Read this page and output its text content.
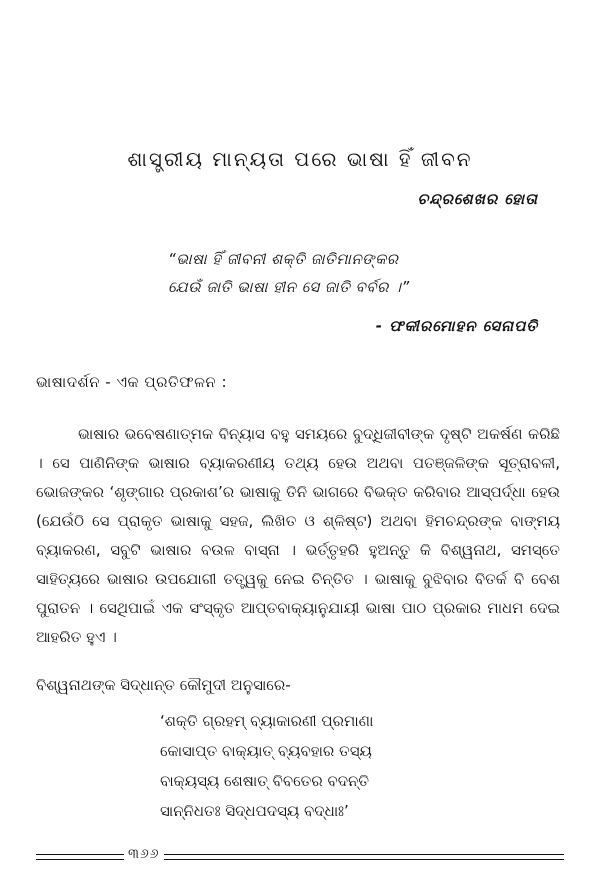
ଶାସ୍ତ୍ରୀୟ ମାନ୍ୟତା ପରେ ଭାଷା ହିଁ ଜୀବନ
ଚନ୍ଦ୍ରଶେଖର ହୋତା
“ଭାଷା ହିଁ ଜୀବନୀ ଶକ୍ତି ଜାତିମାନଙ୍କର
ଯେଉଁ ଜାତି ଭାଷା ହୀନ ସେ ଜାତି ବର୍ବର ।”
- ଫକୀରମୋହନ ସେନାପତି
ଭାଷାଦର୍ଶନ - ଏକ ପ୍ରତିଫଳନ :

ଭାଷାର ଭବେଷଣାତ୍ମକ ବିନ୍ୟାସ ବହୁ ସମୟରେ ବୁଦ୍ଧିଜୀବୀଙ୍କ ଦୃଷ୍ଟି ଅକର୍ଷଣ କରିଛି । ସେ ପାଣିନିଙ୍କ ଭାଷାର ବ୍ୟାକରଣୀୟ ତଥ୍ୟ ହେଉ ଅଥବା ପତଞ୍ଜଳିଙ୍କ ସୂତ୍ରାବଳୀ, ଭୋଜଙ୍କର ‘ଶୃଙ୍ଗାର ପ୍ରକାଶ’ର ଭାଷାକୁ ତିନି ଭାଗରେ ବିଭକ୍ତ କରିବାର ଆସ୍ପର୍ଦ୍ଧା ହେଉ (ଯେଉଁଠି ସେ ପ୍ରାକୃତ ଭାଷାକୁ ସହଜ, ଲିଖିତ ଓ ଶ୍ଳିଷ୍ଟ) ଅଥବା ହିମଚନ୍ଦ୍ରଙ୍କ ବାଙ୍ମୟ ବ୍ୟାକରଣ, ସବୁଟି ଭାଷାର ବଉଳ ବାସ୍ନା । ଭର୍ତ୍ତୃହରି ହୁଅନ୍ତୁ କି ବିଶ୍ୱନାଥ, ସମସ୍ତେ ସାହିତ୍ୟରେ ଭାଷାର ଉପଯୋଗୀ ତତ୍ତ୍ୱକୁ ନେଇ ଚିନ୍ତିତ । ଭାଷାକୁ ବୁଝିବାର ବିତର୍କ ବି ବେଶ ପୁରାତନ । ସେଥିପାଇଁ ଏକ ସଂସ୍କୃତ ଆପ୍ତବାକ୍ୟାନୁଯାୟୀ ଭାଷା ପାଠ ପ୍ରକାର ମାଧମ ଦେଇ ଆହରିତ ହୁଏ ।

ବିଶ୍ୱନାଥଙ୍କ ସିଦ୍ଧାନ୍ତ କୌମୁଦୀ ଅନୁସାରେ-
‘ଶକ୍ତି ଗ୍ରହମ୍ ବ୍ୟାକାରଣୀ ପ୍ରମାଣା
କୋସାପ୍ତ ବାକ୍ୟାତ୍ ବ୍ୟବହାର ତସ୍ୟ
ବାକ୍ୟସ୍ୟ ଶେଷାତ୍ ବିବତେର ବଦନ୍ତି
ସାନ୍ନିଧତଃ ସିଦ୍ଧପଦସ୍ୟ ବଦ୍ଧାଃ’
୩୬୬
